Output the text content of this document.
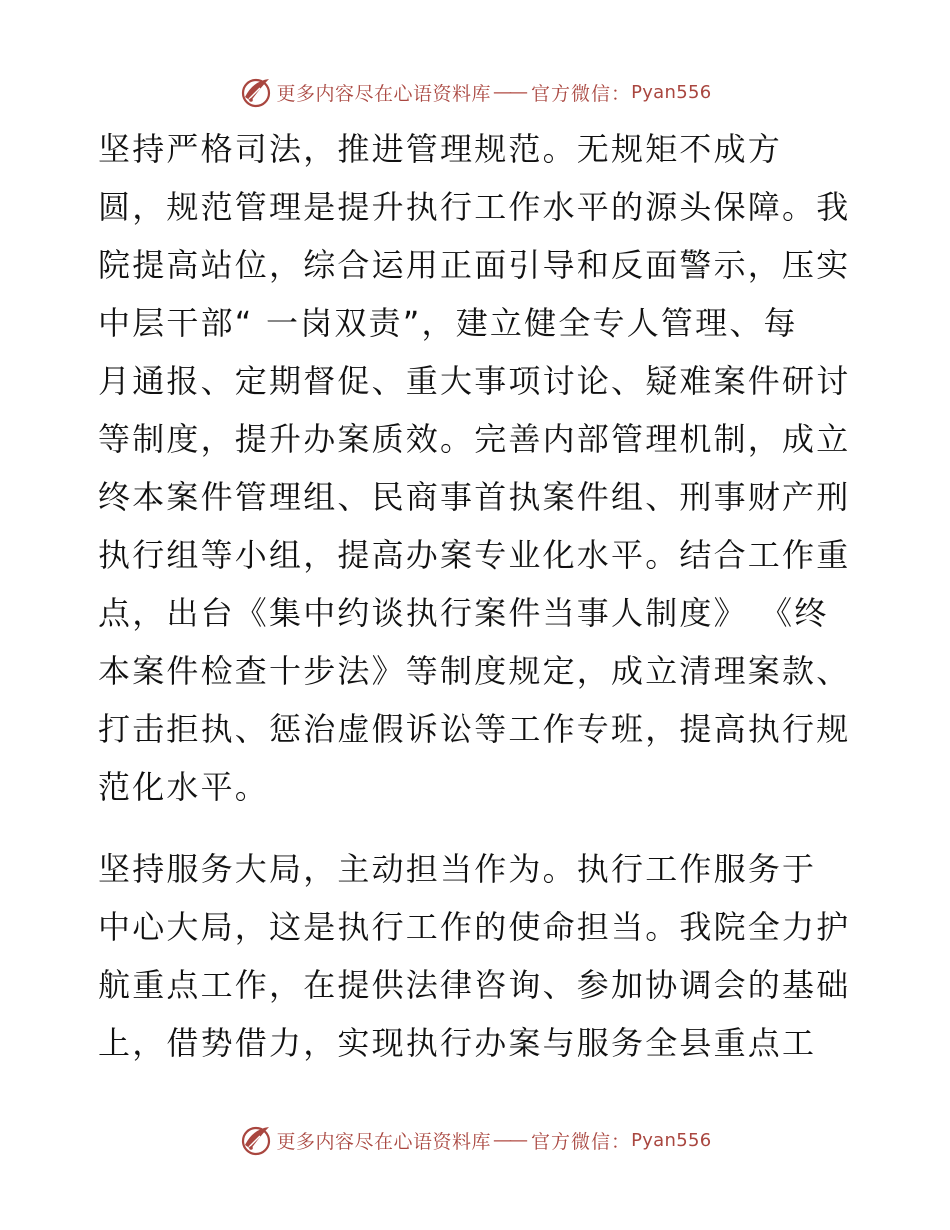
更多内容尽在心语资料库 —— 官方微信： Pyan556
坚持严格司法，推进管理规范。无规矩不成方
圆，规范管理是提升执行工作水平的源头保障。我
院提高站位，综合运用正面引导和反面警示，压实
中层干部“ 一岗双责”，建立健全专人管理、每
月通报、定期督促、重大事项讨论、疑难案件研讨
等制度，提升办案质效。完善内部管理机制，成立
终本案件管理组、民商事首执案件组、刑事财产刑
执行组等小组，提高办案专业化水平。结合工作重
点，出台《集中约谈执行案件当事人制度》 《终
本案件检查十步法》等制度规定，成立清理案款、
打击拒执、惩治虚假诉讼等工作专班，提高执行规
范化水平。
坚持服务大局，主动担当作为。执行工作服务于
中心大局，这是执行工作的使命担当。我院全力护
航重点工作，在提供法律咨询、参加协调会的基础
上，借势借力，实现执行办案与服务全县重点工
更多内容尽在心语资料库 —— 官方微信： Pyan556
